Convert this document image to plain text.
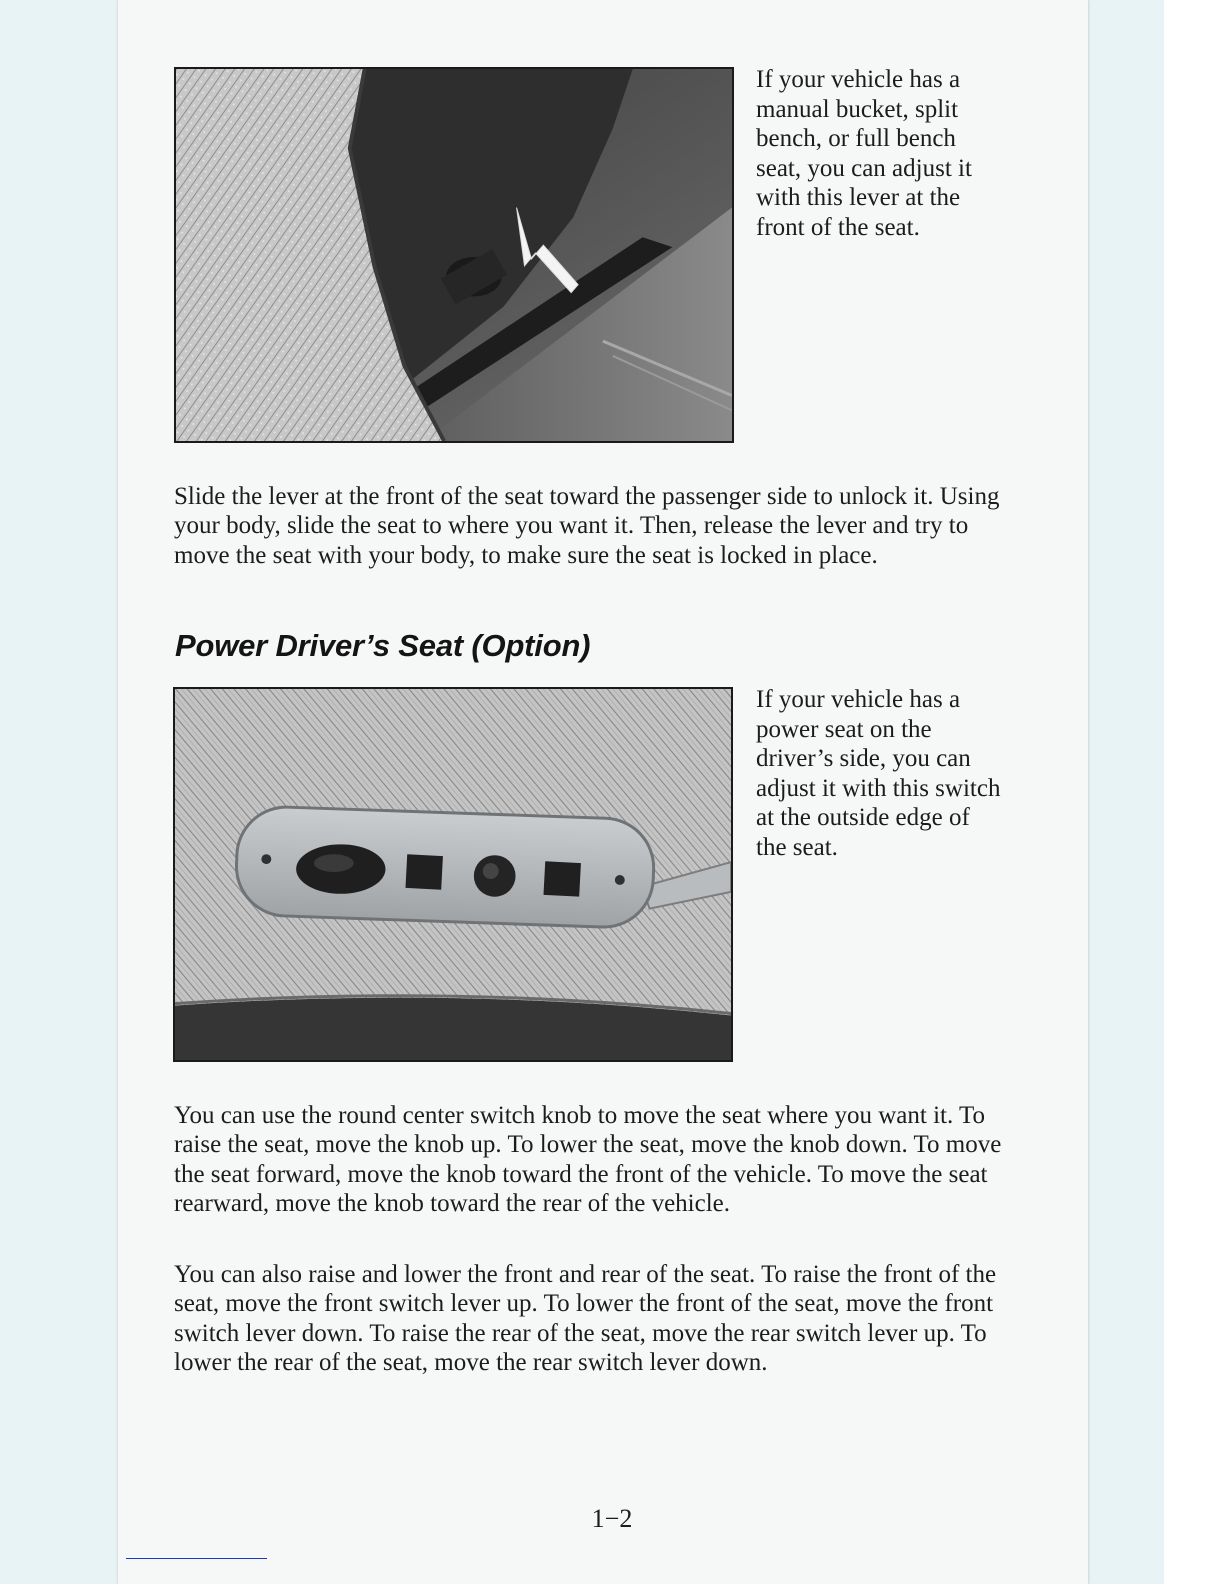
If your vehicle has a manual bucket, split bench, or full bench seat, you can adjust it with this lever at the front of the seat.

Slide the lever at the front of the seat toward the passenger side to unlock it. Using your body, slide the seat to where you want it. Then, release the lever and try to move the seat with your body, to make sure the seat is locked in place.

Power Driver’s Seat (Option)

If your vehicle has a power seat on the driver’s side, you can adjust it with this switch at the outside edge of the seat.

You can use the round center switch knob to move the seat where you want it. To raise the seat, move the knob up. To lower the seat, move the knob down. To move the seat forward, move the knob toward the front of the vehicle. To move the seat rearward, move the knob toward the rear of the vehicle.

You can also raise and lower the front and rear of the seat. To raise the front of the seat, move the front switch lever up. To lower the front of the seat, move the front switch lever down. To raise the rear of the seat, move the rear switch lever up. To lower the rear of the seat, move the rear switch lever down.

1−2
